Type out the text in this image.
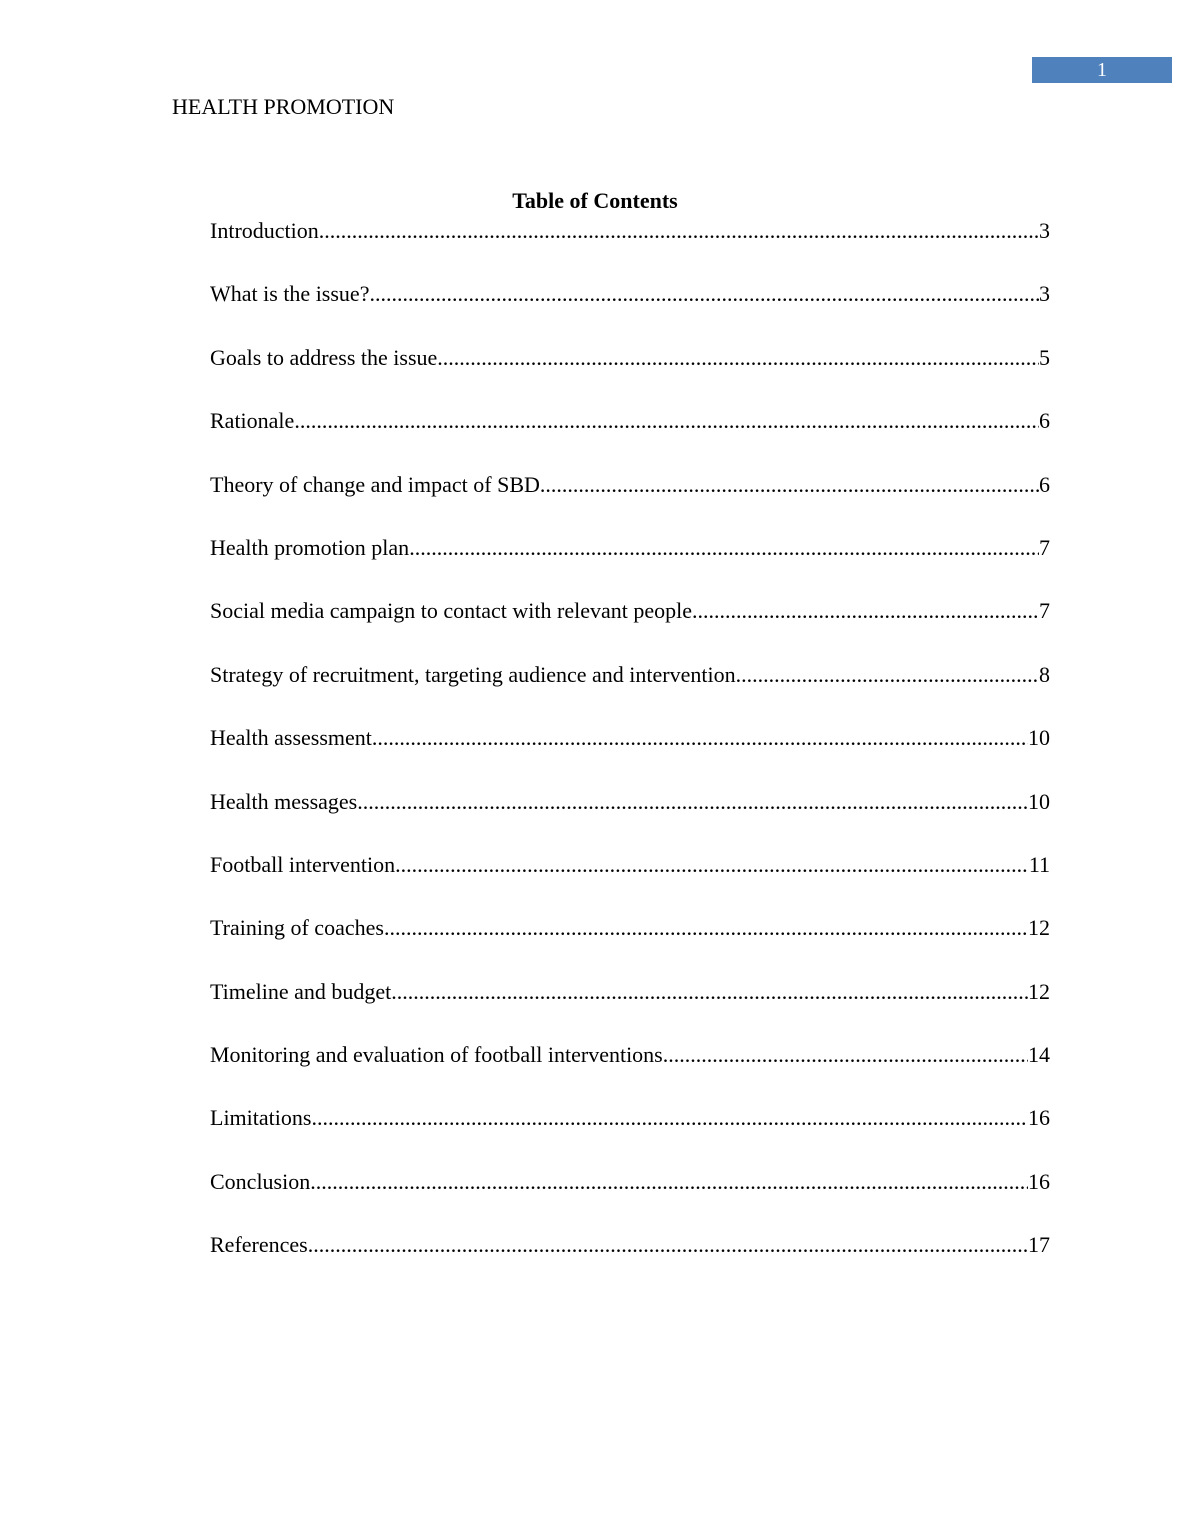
1
HEALTH PROMOTION
Table of Contents
Introduction .....	3
What is the issue? .....	3
Goals to address the issue .....	5
Rationale .....	6
Theory of change and impact of SBD .....	6
Health promotion plan .....	7
Social media campaign to contact with relevant people .....	7
Strategy of recruitment, targeting audience and intervention .....	8
Health assessment .....	10
Health messages .....	10
Football intervention .....	11
Training of coaches .....	12
Timeline and budget .....	12
Monitoring and evaluation of football interventions .....	14
Limitations .....	16
Conclusion .....	16
References .....	17
